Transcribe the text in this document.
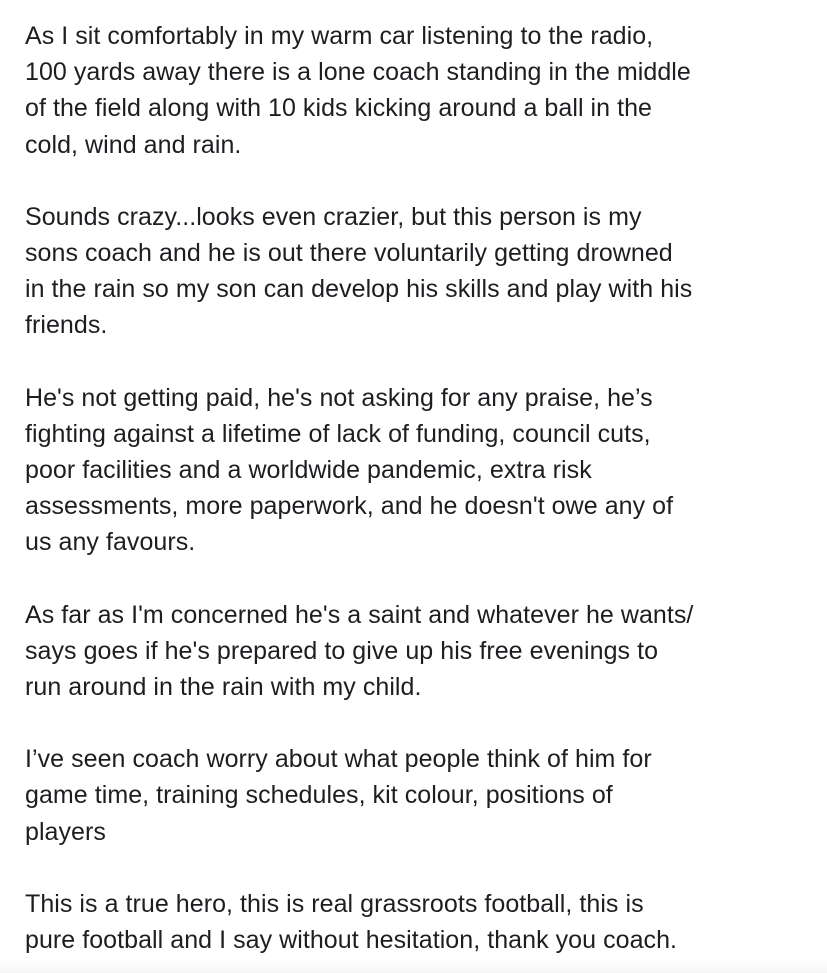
As I sit comfortably in my warm car listening to the radio,
100 yards away there is a lone coach standing in the middle
of the field along with 10 kids kicking around a ball in the
cold, wind and rain.

Sounds crazy...looks even crazier, but this person is my
sons coach and he is out there voluntarily getting drowned
in the rain so my son can develop his skills and play with his
friends.

He's not getting paid, he's not asking for any praise, he’s
fighting against a lifetime of lack of funding, council cuts,
poor facilities and a worldwide pandemic, extra risk
assessments, more paperwork, and he doesn't owe any of
us any favours.

As far as I'm concerned he's a saint and whatever he wants/
says goes if he's prepared to give up his free evenings to
run around in the rain with my child.

I’ve seen coach worry about what people think of him for
game time, training schedules, kit colour, positions of
players

This is a true hero, this is real grassroots football, this is
pure football and I say without hesitation, thank you coach.
